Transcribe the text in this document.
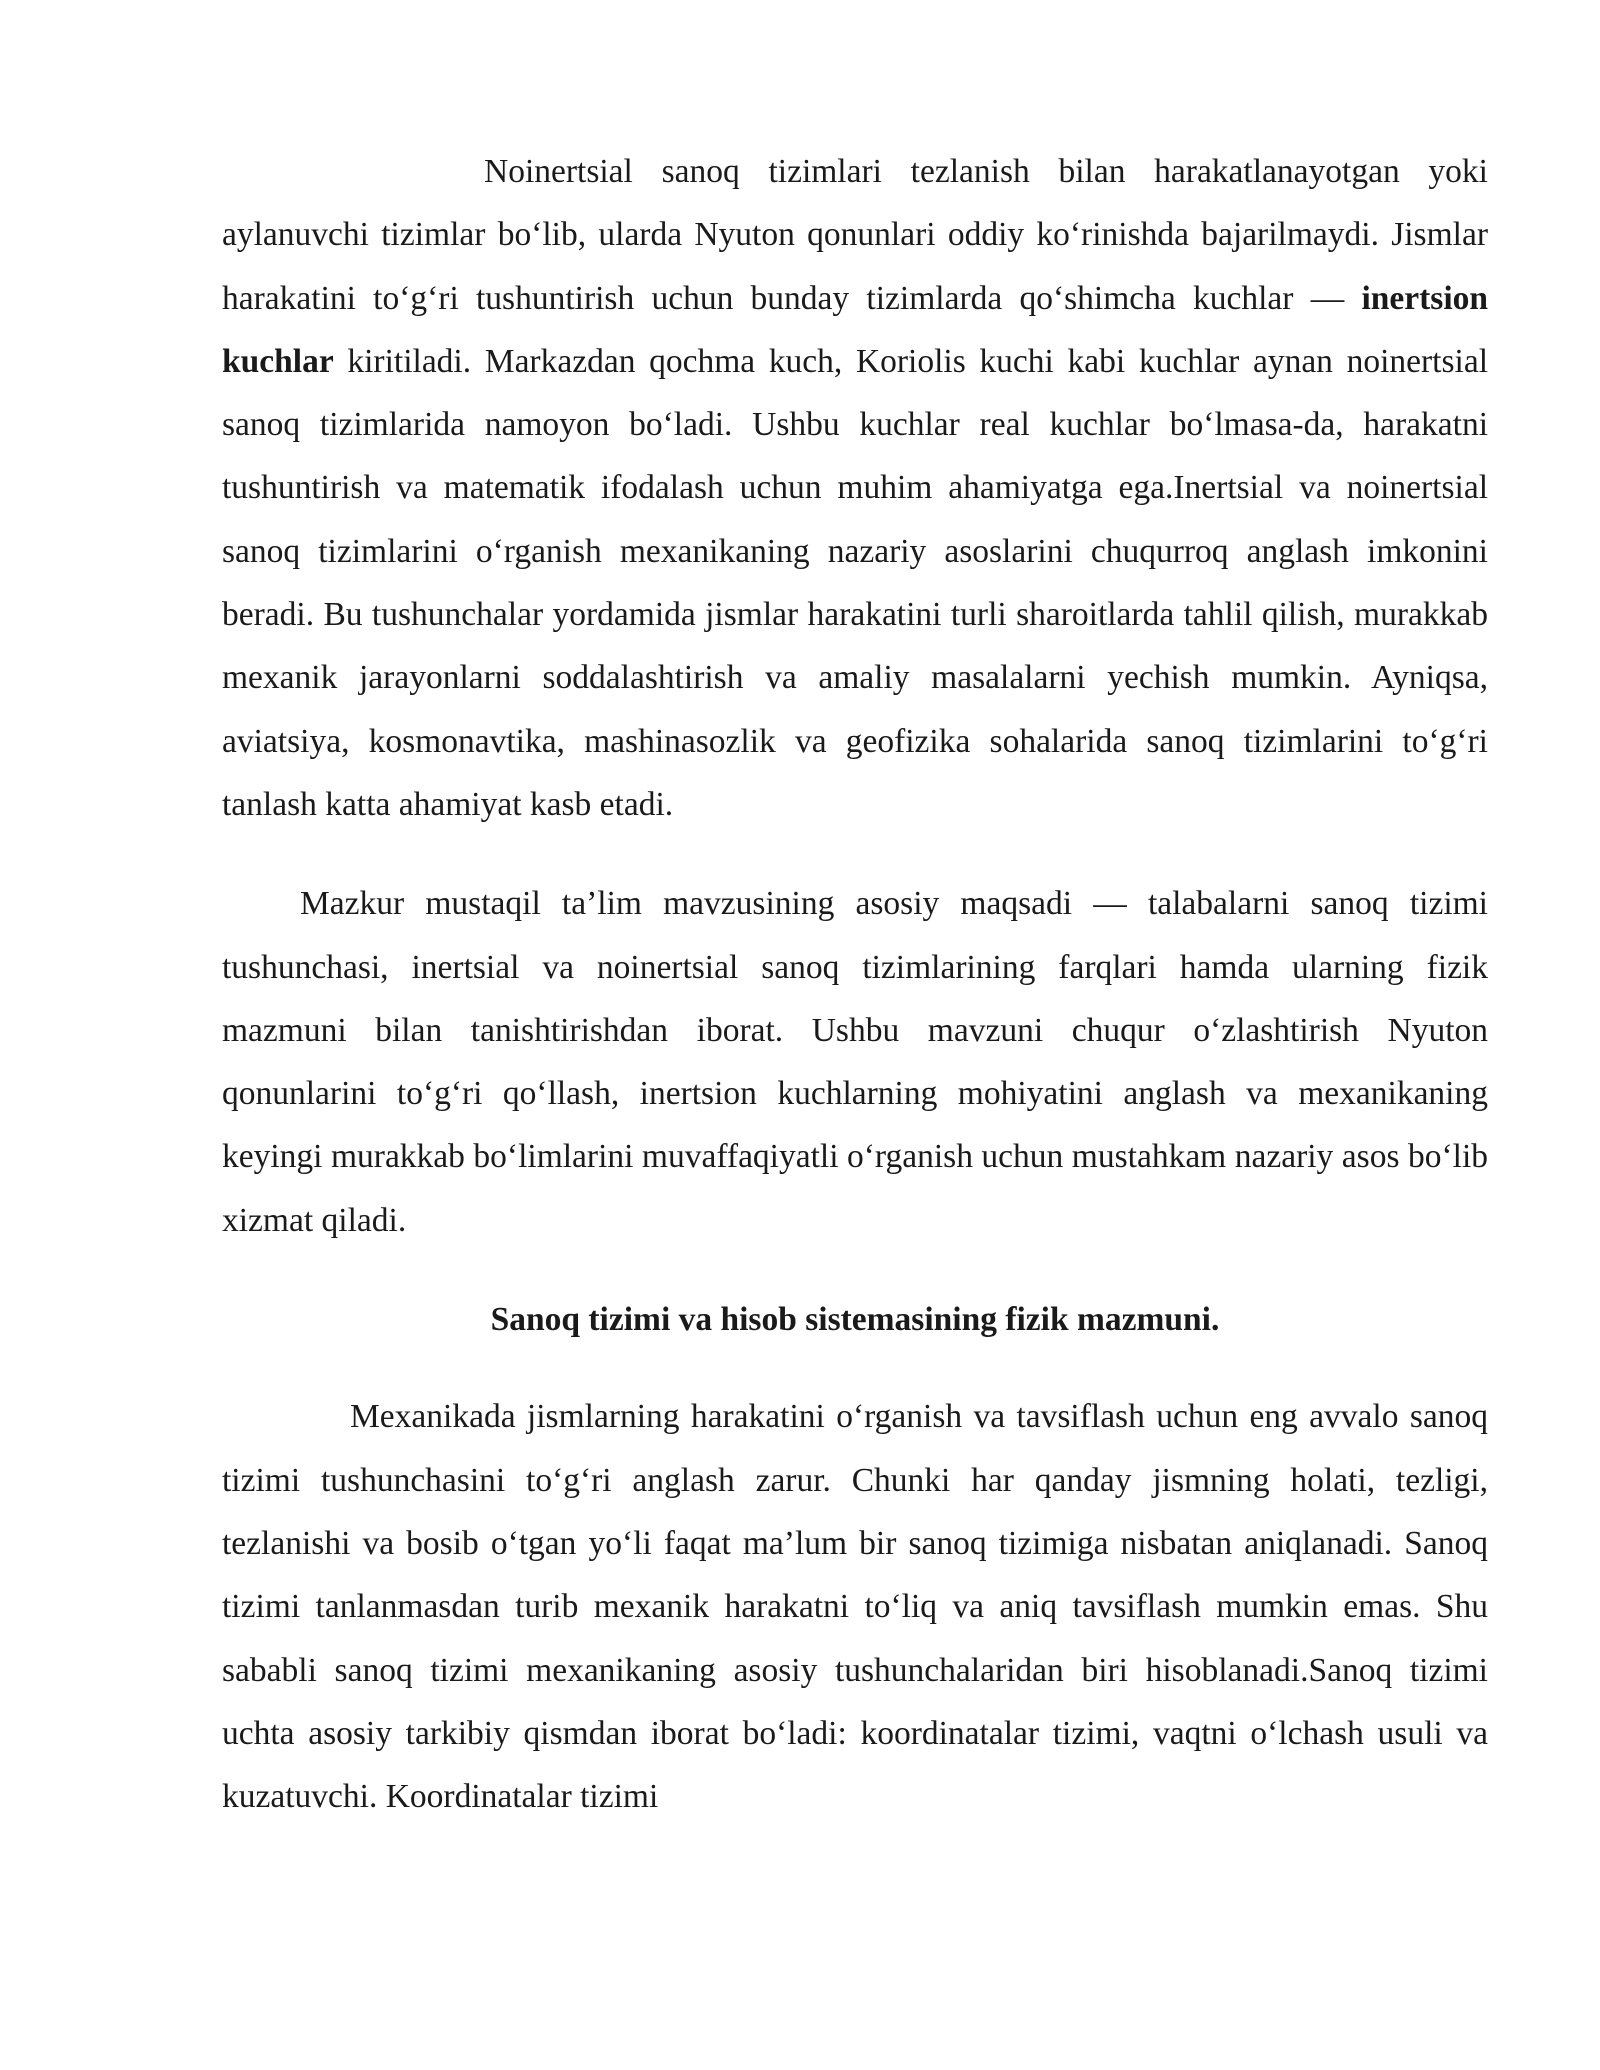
Noinertsial sanoq tizimlari tezlanish bilan harakatlanayotgan yoki aylanuvchi tizimlar bo‘lib, ularda Nyuton qonunlari oddiy ko‘rinishda bajarilmaydi. Jismlar harakatini to‘g‘ri tushuntirish uchun bunday tizimlarda qo‘shimcha kuchlar — inertsion kuchlar kiritiladi. Markazdan qochma kuch, Koriolis kuchi kabi kuchlar aynan noinertsial sanoq tizimlarida namoyon bo‘ladi. Ushbu kuchlar real kuchlar bo‘lmasa-da, harakatni tushuntirish va matematik ifodalash uchun muhim ahamiyatga ega.Inertsial va noinertsial sanoq tizimlarini o‘rganish mexanikaning nazariy asoslarini chuqurroq anglash imkonini beradi. Bu tushunchalar yordamida jismlar harakatini turli sharoitlarda tahlil qilish, murakkab mexanik jarayonlarni soddalashtirish va amaliy masalalarni yechish mumkin. Ayniqsa, aviatsiya, kosmonavtika, mashinasozlik va geofizika sohalarida sanoq tizimlarini to‘g‘ri tanlash katta ahamiyat kasb etadi.

Mazkur mustaqil ta’lim mavzusining asosiy maqsadi — talabalarni sanoq tizimi tushunchasi, inertsial va noinertsial sanoq tizimlarining farqlari hamda ularning fizik mazmuni bilan tanishtirishdan iborat. Ushbu mavzuni chuqur o‘zlashtirish Nyuton qonunlarini to‘g‘ri qo‘llash, inertsion kuchlarning mohiyatini anglash va mexanikaning keyingi murakkab bo‘limlarini muvaffaqiyatli o‘rganish uchun mustahkam nazariy asos bo‘lib xizmat qiladi.

Sanoq tizimi va hisob sistemasining fizik mazmuni.

Mexanikada jismlarning harakatini o‘rganish va tavsiflash uchun eng avvalo sanoq tizimi tushunchasini to‘g‘ri anglash zarur. Chunki har qanday jismning holati, tezligi, tezlanishi va bosib o‘tgan yo‘li faqat ma’lum bir sanoq tizimiga nisbatan aniqlanadi. Sanoq tizimi tanlanmasdan turib mexanik harakatni to‘liq va aniq tavsiflash mumkin emas. Shu sababli sanoq tizimi mexanikaning asosiy tushunchalaridan biri hisoblanadi.Sanoq tizimi uchta asosiy tarkibiy qismdan iborat bo‘ladi: koordinatalar tizimi, vaqtni o‘lchash usuli va kuzatuvchi. Koordinatalar tizimi
